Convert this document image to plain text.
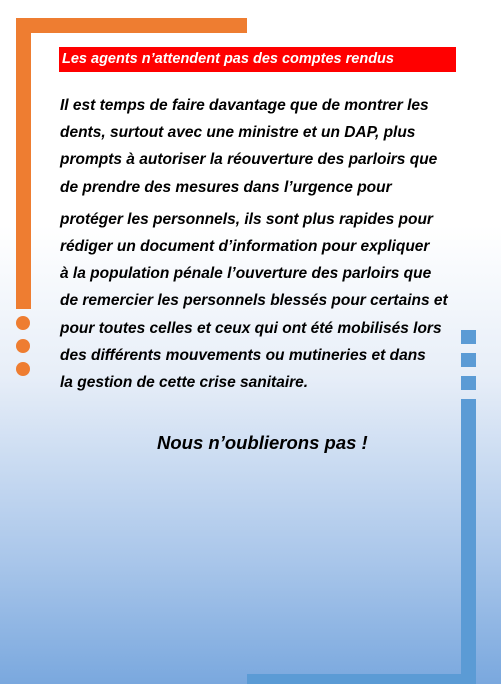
Les agents n’attendent pas des comptes rendus
Il est temps de faire davantage que de montrer les
dents, surtout avec une ministre et un DAP, plus
prompts à autoriser la réouverture des parloirs que
de prendre des mesures dans l’urgence pour
protéger les personnels, ils sont plus rapides pour
rédiger un document d’information pour expliquer
à la population pénale l’ouverture des parloirs que
de remercier les personnels blessés pour certains et
pour toutes celles et ceux qui ont été mobilisés lors
des différents mouvements ou mutineries et dans
la gestion de cette crise sanitaire.
Nous n’oublierons pas !
